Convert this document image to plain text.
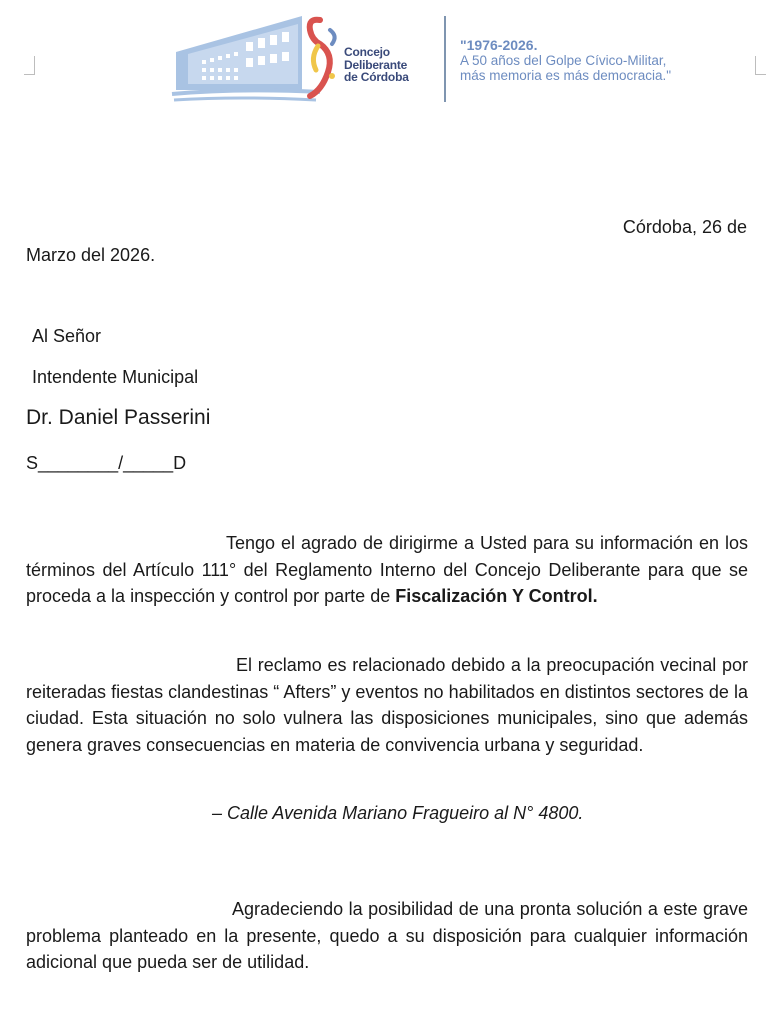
Concejo
Deliberante
de Córdoba
"1976-2026.
A 50 años del Golpe Cívico-Militar,
más memoria es más democracia."
Córdoba, 26 de
Marzo del 2026.
Al Señor
Intendente Municipal
Dr. Daniel Passerini
S________/_____D
Tengo el agrado de dirigirme a Usted para su información en los términos del Artículo 111° del Reglamento Interno del Concejo Deliberante para que se proceda a la inspección y control por parte de Fiscalización Y Control.
El reclamo es relacionado debido a la preocupación vecinal por reiteradas fiestas clandestinas “ Afters” y eventos no habilitados en distintos sectores de la ciudad. Esta situación no solo vulnera las disposiciones municipales, sino que además genera graves consecuencias en materia de convivencia urbana y seguridad.
– Calle Avenida Mariano Fragueiro al N° 4800.
Agradeciendo la posibilidad de una pronta solución a este grave problema planteado en la presente, quedo a su disposición para cualquier información adicional que pueda ser de utilidad.
